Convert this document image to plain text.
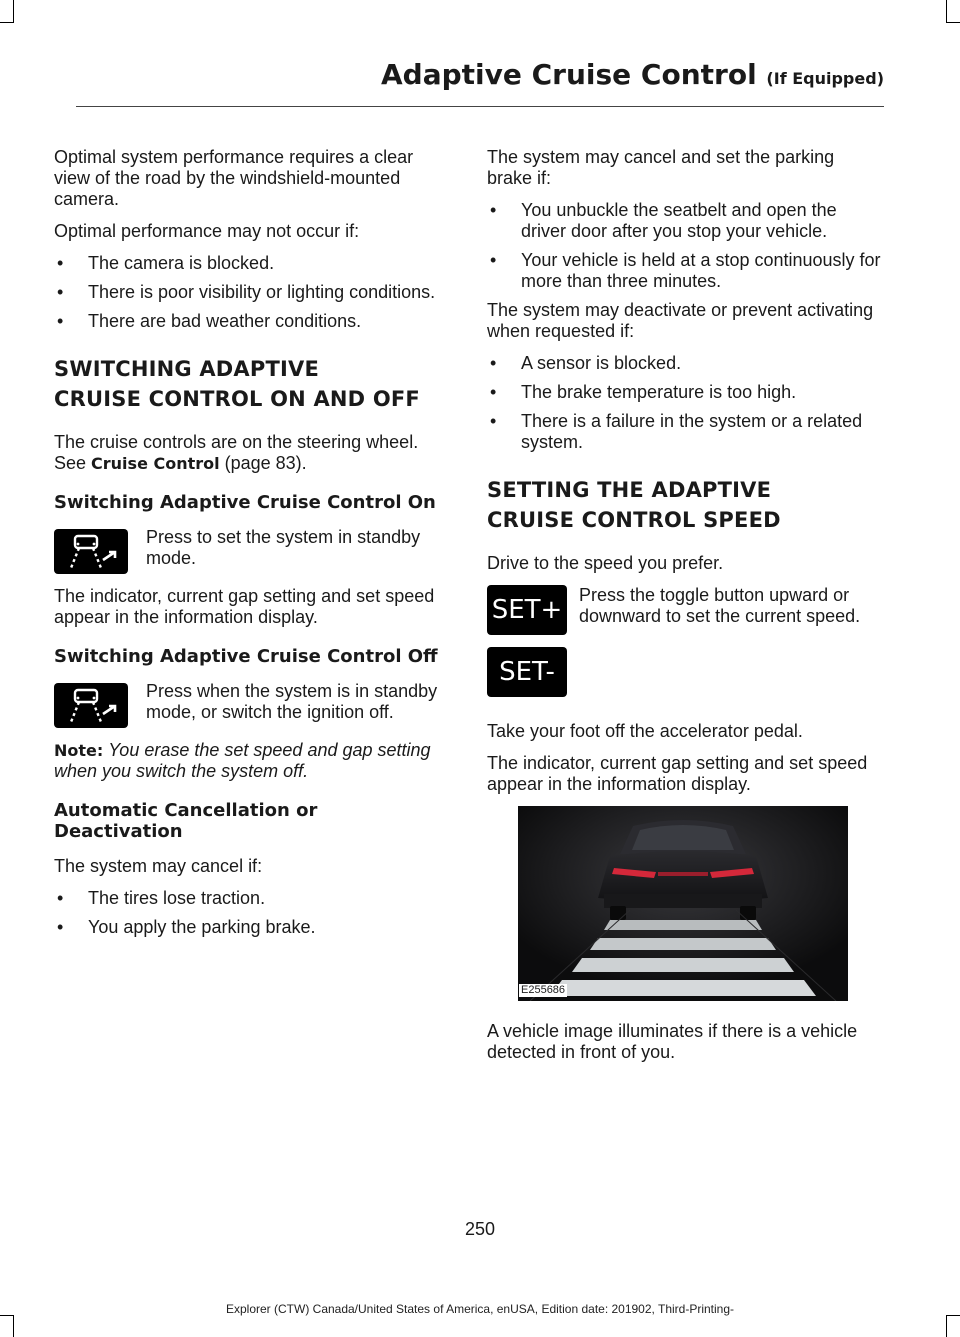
Adaptive Cruise Control (If Equipped)

Optimal system performance requires a clear view of the road by the windshield-mounted camera.

Optimal performance may not occur if:

• The camera is blocked.
• There is poor visibility or lighting conditions.
• There are bad weather conditions.
SWITCHING ADAPTIVE
CRUISE CONTROL ON AND OFF

The cruise controls are on the steering wheel. See Cruise Control (page 83).

Switching Adaptive Cruise Control On
Press to set the system in standby mode.

The indicator, current gap setting and set speed appear in the information display.

Switching Adaptive Cruise Control Off
Press when the system is in standby mode, or switch the ignition off.

Note: You erase the set speed and gap setting when you switch the system off.

Automatic Cancellation or Deactivation

The system may cancel if:

• The tires lose traction.
• You apply the parking brake.

The system may cancel and set the parking brake if:

• You unbuckle the seatbelt and open the driver door after you stop your vehicle.
• Your vehicle is held at a stop continuously for more than three minutes.

The system may deactivate or prevent activating when requested if:

• A sensor is blocked.
• The brake temperature is too high.
• There is a failure in the system or a related system.
SETTING THE ADAPTIVE
CRUISE CONTROL SPEED

Drive to the speed you prefer.

SET+
SET-
Press the toggle button upward or downward to set the current speed.

Take your foot off the accelerator pedal.

The indicator, current gap setting and set speed appear in the information display.

E255686

A vehicle image illuminates if there is a vehicle detected in front of you.

250
Explorer (CTW) Canada/United States of America, enUSA, Edition date: 201902, Third-Printing-
